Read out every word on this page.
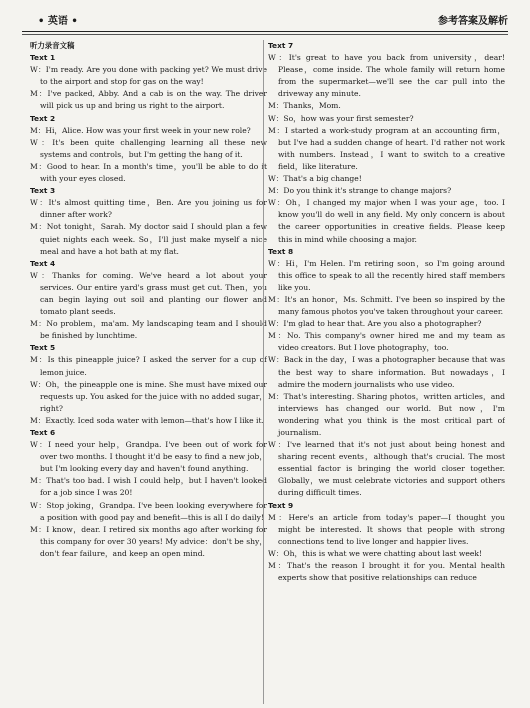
• 英语 •	参考答案及解析

听力录音文稿

Text 1

W：I'm ready. Are you done with packing yet? We must drive to the airport and stop for gas on the way!

M：I've packed, Abby. And a cab is on the way. The driver will pick us up and bring us right to the airport.

Text 2

M：Hi，Alice. How was your first week in your new role?

W：It's been quite challenging learning all these new systems and controls，but I'm getting the hang of it.

M：Good to hear. In a month's time，you'll be able to do it with your eyes closed.

Text 3

W：It's almost quitting time，Ben. Are you joining us for dinner after work?

M：Not tonight，Sarah. My doctor said I should plan a few quiet nights each week. So，I'll just make myself a nice meal and have a hot bath at my flat.

Text 4

W：Thanks for coming. We've heard a lot about your services. Our entire yard's grass must get cut. Then，you can begin laying out soil and planting our flower and tomato plant seeds.

M：No problem，ma'am. My landscaping team and I should be finished by lunchtime.

Text 5

M：Is this pineapple juice? I asked the server for a cup of lemon juice.

W：Oh，the pineapple one is mine. She must have mixed our requests up. You asked for the juice with no added sugar，right?

M：Exactly. Iced soda water with lemon—that's how I like it.

Text 6

W：I need your help，Grandpa. I've been out of work for over two months. I thought it'd be easy to find a new job，but I'm looking every day and haven't found anything.

M：That's too bad. I wish I could help，but I haven't looked for a job since I was 20!

W：Stop joking，Grandpa. I've been looking everywhere for a position with good pay and benefit—this is all I do daily!

M：I know，dear. I retired six months ago after working for this company for over 30 years! My advice：don't be shy，don't fear failure，and keep an open mind.

Text 7

W：It's great to have you back from university，dear! Please，come inside. The whole family will return home from the supermarket—we'll see the car pull into the driveway any minute.

M：Thanks，Mom.

W：So，how was your first semester?

M：I started a work-study program at an accounting firm，but I've had a sudden change of heart. I'd rather not work with numbers. Instead，I want to switch to a creative field，like literature.

W：That's a big change!

M：Do you think it's strange to change majors?

W：Oh，I changed my major when I was your age，too. I know you'll do well in any field. My only concern is about the career opportunities in creative fields. Please keep this in mind while choosing a major.

Text 8

W：Hi，I'm Helen. I'm retiring soon，so I'm going around this office to speak to all the recently hired staff members like you.

M：It's an honor，Ms. Schmitt. I've been so inspired by the many famous photos you've taken throughout your career.

W：I'm glad to hear that. Are you also a photographer?

M：No. This company's owner hired me and my team as video creators. But I love photography，too.

W：Back in the day，I was a photographer because that was the best way to share information. But nowadays，I admire the modern journalists who use video.

M：That's interesting. Sharing photos，written articles，and interviews has changed our world. But now，I'm wondering what you think is the most critical part of journalism.

W：I've learned that it's not just about being honest and sharing recent events，although that's crucial. The most essential factor is bringing the world closer together. Globally，we must celebrate victories and support others during difficult times.

Text 9

M：Here's an article from today's paper—I thought you might be interested. It shows that people with strong connections tend to live longer and happier lives.

W：Oh，this is what we were chatting about last week!

M：That's the reason I brought it for you. Mental health experts show that positive relationships can reduce
